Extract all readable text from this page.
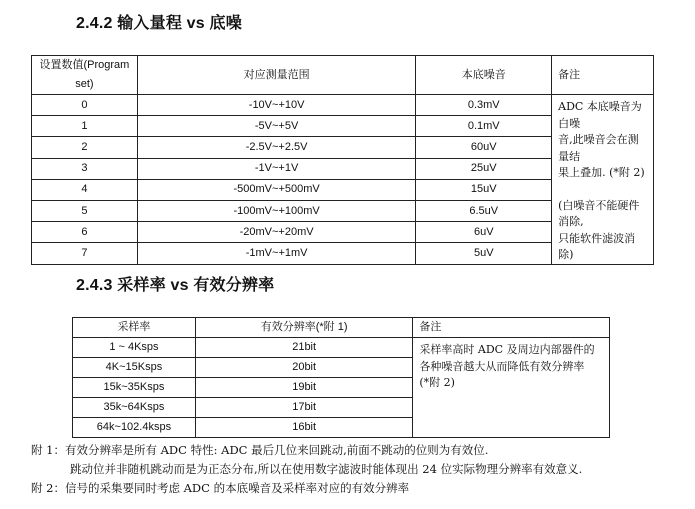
2.4.2 输入量程 vs 底噪
设置数值(Program set)	对应测量范围	本底噪音	备注
0	-10V~+10V	0.3mV	ADC 本底噪音为白噪
音,此噪音会在测量结
果上叠加. (*附 2)
(白噪音不能硬件消除,
只能软件滤波消除)

1	-5V~+5V	0.1mV	
2	-2.5V~+2.5V	60uV	
3	-1V~+1V	25uV	
4	-500mV~+500mV	15uV	
5	-100mV~+100mV	6.5uV	
6	-20mV~+20mV	6uV	
7	-1mV~+1mV	5uV	
2.4.3 采样率 vs 有效分辨率
采样率	有效分辨率(*附 1)	备注
1 ~ 4Ksps	21bit	采样率高时 ADC 及周边内部器件的
各种噪音越大从而降低有效分辨率
(*附 2)

4K~15Ksps	20bit	
15k~35Ksps	19bit	
35k~64Ksps	17bit	
64k~102.4ksps	16bit	
附 1：有效分辨率是所有 ADC 特性: ADC 最后几位来回跳动,前面不跳动的位则为有效位.
跳动位并非随机跳动而是为正态分布,所以在使用数字滤波时能体现出 24 位实际物理分辨率有效意义.
附 2：信号的采集要同时考虑 ADC 的本底噪音及采样率对应的有效分辨率
